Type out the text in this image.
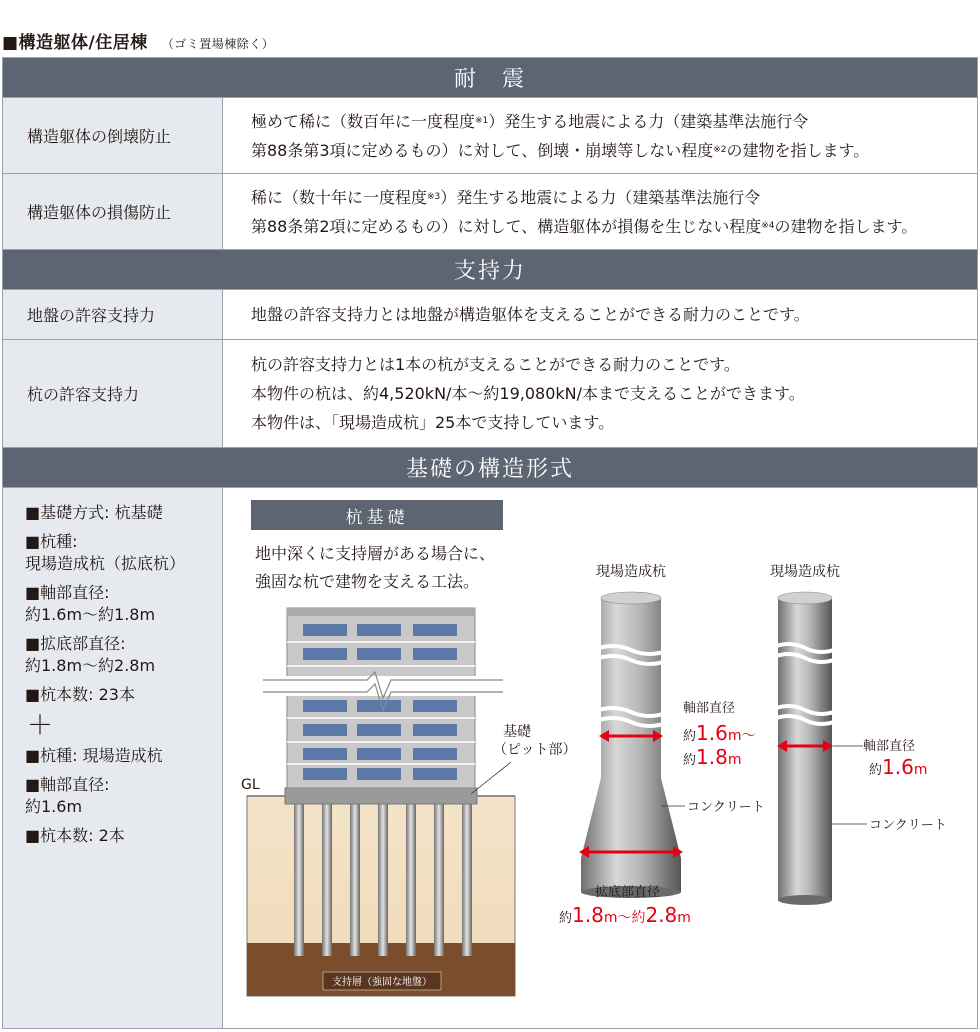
■構造躯体/住居棟 （ゴミ置場棟除く）
耐　震
構造躯体の倒壊防止
極めて稀に（数百年に一度程度$^{※1}$）発生する地震による力（建築基準法施行令
第88条第3項に定めるもの）に対して、倒壊・崩壊等しない程度$^{※2}$の建物を指します。
構造躯体の損傷防止
稀に（数十年に一度程度$^{※3}$）発生する地震による力（建築基準法施行令
第88条第2項に定めるもの）に対して、構造躯体が損傷を生じない程度$^{※4}$の建物を指します。
支持力
地盤の許容支持力	地盤の許容支持力とは地盤が構造躯体を支えることができる耐力のことです。
杭の許容支持力
杭の許容支持力とは1本の杭が支えることができる耐力のことです。
本物件の杭は、約4,520kN/本～約19,080kN/本まで支えることができます。
本物件は、「現場造成杭」25本で支持しています。
基礎の構造形式

■基礎方式: 杭基礎

■杭種:

現場造成杭（拡底杭）

■軸部直径:

約1.6m～約1.8m

■拡底部直径:

約1.8m～約2.8m

■杭本数: 23本

＋

■杭種: 現場造成杭

■軸部直径:

約1.6m

■杭本数: 2本

杭基礎
地中深くに支持層がある場合に、
強固な杭で建物を支える工法。
支持層（強固な地盤）
GL
基礎
（ピット部）
現場造成杭
軸部直径
約1.6m～
約1.8m
コンクリート
拡底部直径
約1.8m～約2.8m
現場造成杭
軸部直径
約1.6m
コンクリート
